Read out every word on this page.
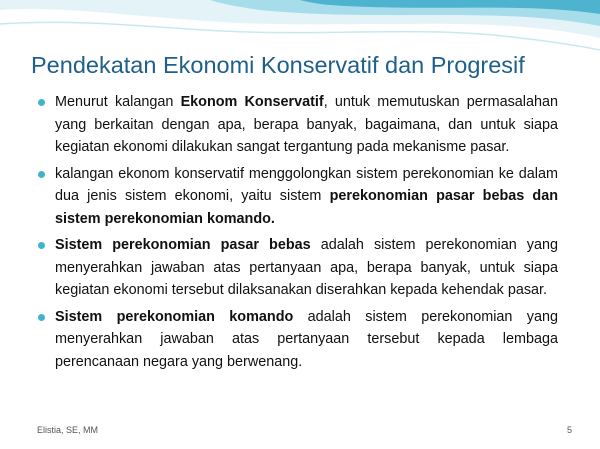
Pendekatan Ekonomi Konservatif dan Progresif
Menurut kalangan Ekonom Konservatif, untuk memutuskan permasalahan yang berkaitan dengan apa, berapa banyak, bagaimana, dan untuk siapa kegiatan ekonomi dilakukan sangat tergantung pada mekanisme pasar.
kalangan ekonom konservatif menggolongkan sistem perekonomian ke dalam dua jenis sistem ekonomi, yaitu sistem perekonomian pasar bebas dan sistem perekonomian komando.
Sistem perekonomian pasar bebas adalah sistem perekonomian yang menyerahkan jawaban atas pertanyaan apa, berapa banyak, untuk siapa kegiatan ekonomi tersebut dilaksanakan diserahkan kepada kehendak pasar.
Sistem perekonomian komando adalah sistem perekonomian yang menyerahkan jawaban atas pertanyaan tersebut kepada lembaga perencanaan negara yang berwenang.
Elistia, SE, MM	5
